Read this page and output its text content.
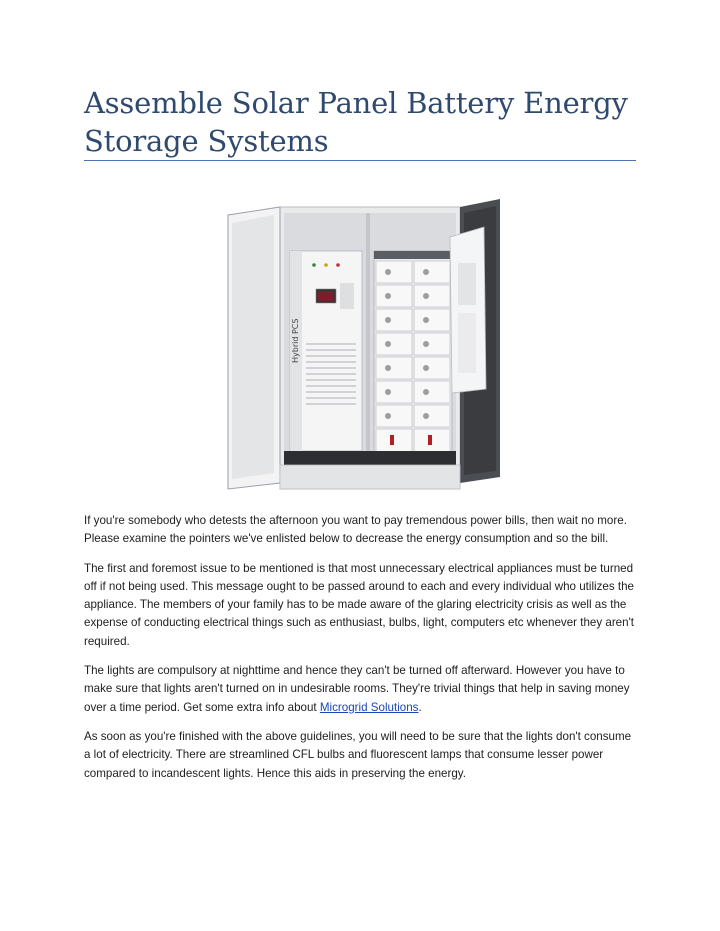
Assemble Solar Panel Battery Energy Storage Systems
Hybrid PCS

If you're somebody who detests the afternoon you want to pay tremendous power bills, then wait no more. Please examine the pointers we've enlisted below to decrease the energy consumption and so the bill.

The first and foremost issue to be mentioned is that most unnecessary electrical appliances must be turned off if not being used. This message ought to be passed around to each and every individual who utilizes the appliance. The members of your family has to be made aware of the glaring electricity crisis as well as the expense of conducting electrical things such as enthusiast, bulbs, light, computers etc whenever they aren't required.

The lights are compulsory at nighttime and hence they can't be turned off afterward. However you have to make sure that lights aren't turned on in undesirable rooms. They're trivial things that help in saving money over a time period. Get some extra info about Microgrid Solutions.

As soon as you're finished with the above guidelines, you will need to be sure that the lights don't consume a lot of electricity. There are streamlined CFL bulbs and fluorescent lamps that consume lesser power compared to incandescent lights. Hence this aids in preserving the energy.
